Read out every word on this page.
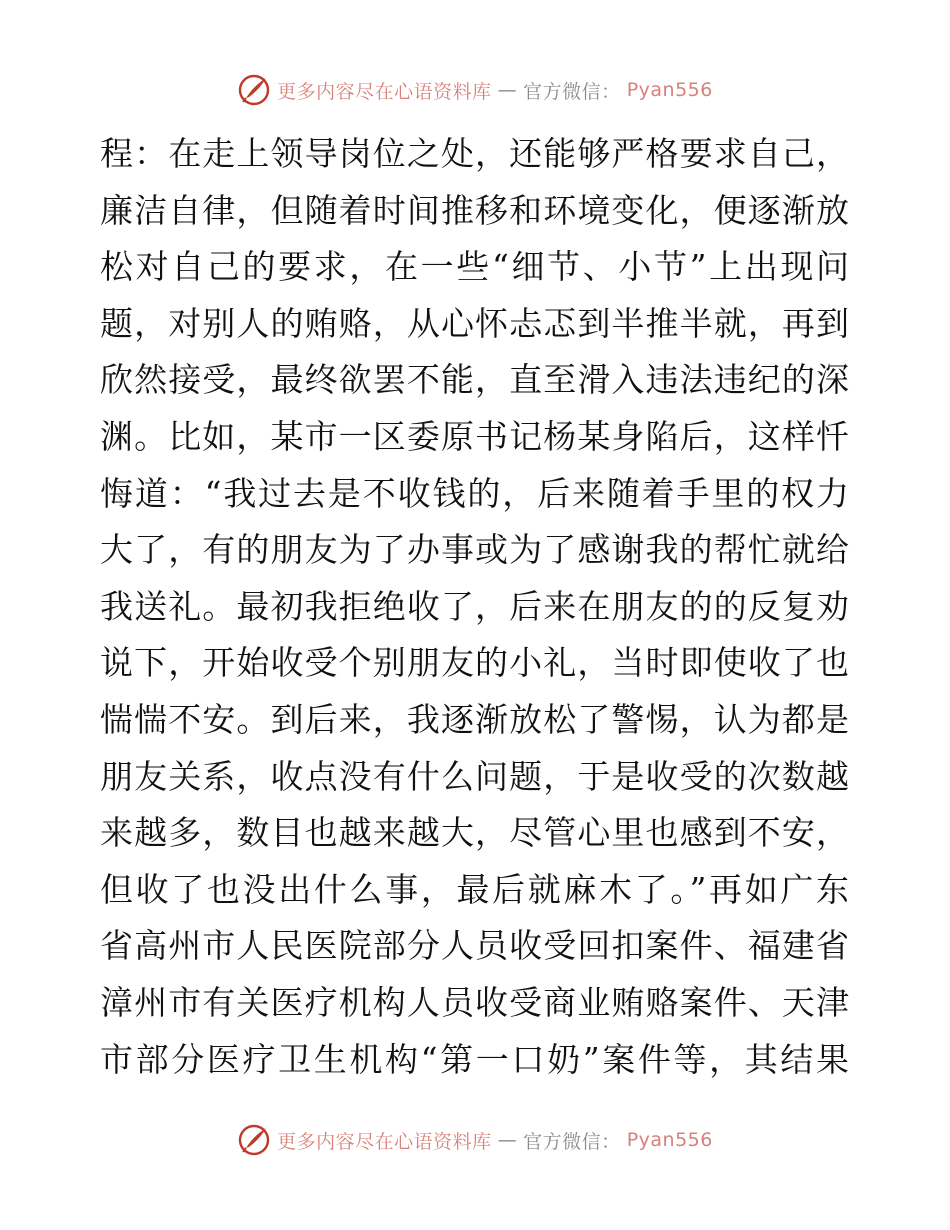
更多内容尽在心语资料库 — 官方微信： Pyan556

程：在走上领导岗位之处，还能够严格要求自己，

廉洁自律，但随着时间推移和环境变化，便逐渐放

松对自己的要求，在一些“细节、小节”上出现问

题，对别人的贿赂，从心怀忐忑到半推半就，再到

欣然接受，最终欲罢不能，直至滑入违法违纪的深

渊。比如，某市一区委原书记杨某身陷后，这样忏

悔道：“我过去是不收钱的，后来随着手里的权力

大了，有的朋友为了办事或为了感谢我的帮忙就给

我送礼。最初我拒绝收了，后来在朋友的的反复劝

说下，开始收受个别朋友的小礼，当时即使收了也

惴惴不安。到后来，我逐渐放松了警惕，认为都是

朋友关系，收点没有什么问题，于是收受的次数越

来越多，数目也越来越大，尽管心里也感到不安，

但收了也没出什么事，最后就麻木了。”再如广东

省高州市人民医院部分人员收受回扣案件、福建省

漳州市有关医疗机构人员收受商业贿赂案件、天津

市部分医疗卫生机构“第一口奶”案件等，其结果

更多内容尽在心语资料库 — 官方微信： Pyan556
